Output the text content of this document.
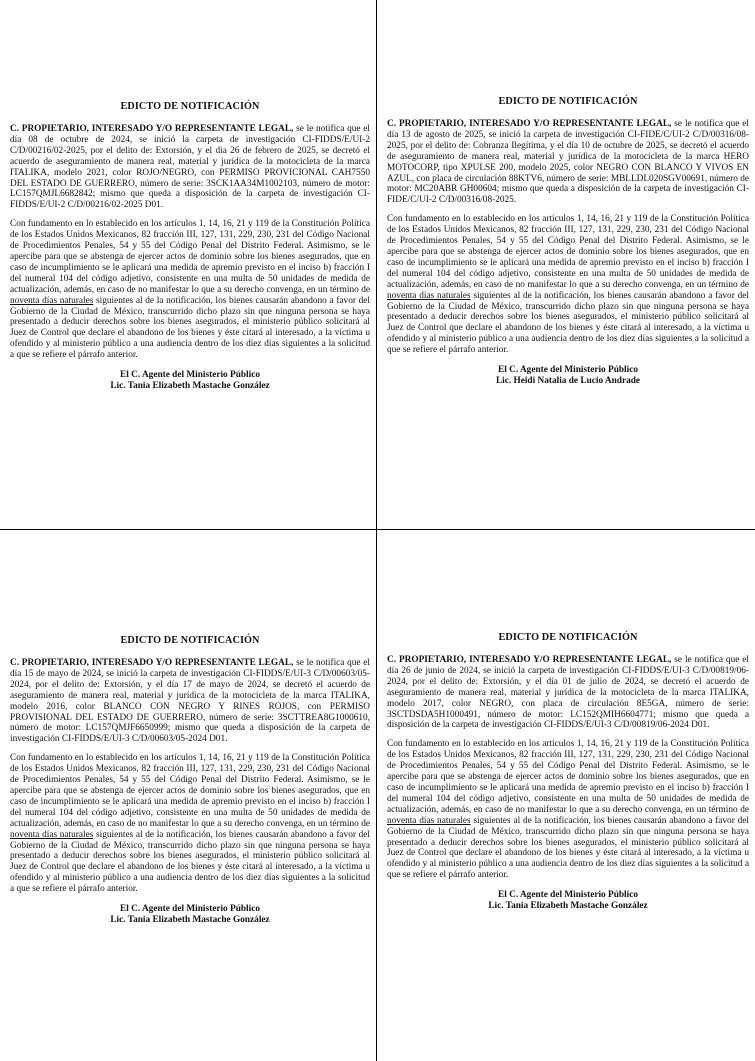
EDICTO DE NOTIFICACIÓN

C. PROPIETARIO, INTERESADO Y/O REPRESENTANTE LEGAL, se le notifica que el día 08 de octubre de 2024, se inició la carpeta de investigación CI-FIDDS/E/UI-2 C/D/00216/02-2025, por el delito de: Extorsión, y el día 26 de febrero de 2025, se decretó el acuerdo de aseguramiento de manera real, material y jurídica de la motocicleta de la marca ITALIKA, modelo 2021, color ROJO/NEGRO, con PERMISO PROVICIONAL CAH7550 DEL ESTADO DE GUERRERO, número de serie: 3SCK1AA34M1002103, número de motor: LC157QMJL6682842; mismo que queda a disposición de la carpeta de investigación CI-FIDDS/E/UI-2 C/D/00216/02-2025 D01.

Con fundamento en lo establecido en los artículos 1, 14, 16, 21 y 119 de la Constitución Política de los Estados Unidos Mexicanos, 82 fracción III, 127, 131, 229, 230, 231 del Código Nacional de Procedimientos Penales, 54 y 55 del Código Penal del Distrito Federal. Asimismo, se le apercibe para que se abstenga de ejercer actos de dominio sobre los bienes asegurados, que en caso de incumplimiento se le aplicará una medida de apremio previsto en el inciso b) fracción I del numeral 104 del código adjetivo, consistente en una multa de 50 unidades de medida de actualización, además, en caso de no manifestar lo que a su derecho convenga, en un término de noventa días naturales siguientes al de la notificación, los bienes causarán abandono a favor del Gobierno de la Ciudad de México, transcurrido dicho plazo sin que ninguna persona se haya presentado a deducir derechos sobre los bienes asegurados, el ministerio público solicitará al Juez de Control que declare el abandono de los bienes y éste citará al interesado, a la víctima u ofendido y al ministerio público a una audiencia dentro de los diez días siguientes a la solicitud a que se refiere el párrafo anterior.

El C. Agente del Ministerio Público
Lic. Tania Elizabeth Mastache González
EDICTO DE NOTIFICACIÓN

C. PROPIETARIO, INTERESADO Y/O REPRESENTANTE LEGAL, se le notifica que el día 13 de agosto de 2025, se inició la carpeta de investigación CI-FIDE/C/UI-2 C/D/00316/08-2025, por el delito de: Cobranza Ilegítima, y el día 10 de octubre de 2025, se decretó el acuerdo de aseguramiento de manera real, material y jurídica de la motocicleta de la marca HERO MOTOCORP, tipo XPULSE 200, modelo 2025, color NEGRO CON BLANCO Y VIVOS EN AZUL, con placa de circulación 88KTV6, número de serie: MBLLDL020SGV00691, número de motor: MC20ABR GH00604; mismo que queda a disposición de la carpeta de investigación CI-FIDE/C/UI-2 C/D/00316/08-2025.

Con fundamento en lo establecido en los artículos 1, 14, 16, 21 y 119 de la Constitución Política de los Estados Unidos Mexicanos, 82 fracción III, 127, 131, 229, 230, 231 del Código Nacional de Procedimientos Penales, 54 y 55 del Código Penal del Distrito Federal. Asimismo, se le apercibe para que se abstenga de ejercer actos de dominio sobre los bienes asegurados, que en caso de incumplimiento se le aplicará una medida de apremio previsto en el inciso b) fracción I del numeral 104 del código adjetivo, consistente en una multa de 50 unidades de medida de actualización, además, en caso de no manifestar lo que a su derecho convenga, en un término de noventa días naturales siguientes al de la notificación, los bienes causarán abandono a favor del Gobierno de la Ciudad de México, transcurrido dicho plazo sin que ninguna persona se haya presentado a deducir derechos sobre los bienes asegurados, el ministerio público solicitará al Juez de Control que declare el abandono de los bienes y éste citará al interesado, a la víctima u ofendido y al ministerio público a una audiencia dentro de los diez días siguientes a la solicitud a que se refiere el párrafo anterior.

El C. Agente del Ministerio Público
Lic. Heidi Natalia de Lucio Andrade
EDICTO DE NOTIFICACIÓN

C. PROPIETARIO, INTERESADO Y/O REPRESENTANTE LEGAL, se le notifica que el día 15 de mayo de 2024, se inició la carpeta de investigación CI-FIDDS/E/UI-3 C/D/00603/05-2024, por el delito de: Extorsión, y el día 17 de mayo de 2024, se decretó el acuerdo de aseguramiento de manera real, material y jurídica de la motocicleta de la marca ITALIKA, modelo 2016, color BLANCO CON NEGRO Y RINES ROJOS, con PERMISO PROVISIONAL DEL ESTADO DE GUERRERO, número de serie: 3SCTTREA8G1000610, número de motor: LC157QMJF6650999; mismo que queda a disposición de la carpeta de investigación CI-FIDDS/E/UI-3 C/D/00603/05-2024 D01.

Con fundamento en lo establecido en los artículos 1, 14, 16, 21 y 119 de la Constitución Política de los Estados Unidos Mexicanos, 82 fracción III, 127, 131, 229, 230, 231 del Código Nacional de Procedimientos Penales, 54 y 55 del Código Penal del Distrito Federal. Asimismo, se le apercibe para que se abstenga de ejercer actos de dominio sobre los bienes asegurados, que en caso de incumplimiento se le aplicará una medida de apremio previsto en el inciso b) fracción I del numeral 104 del código adjetivo, consistente en una multa de 50 unidades de medida de actualización, además, en caso de no manifestar lo que a su derecho convenga, en un término de noventa días naturales siguientes al de la notificación, los bienes causarán abandono a favor del Gobierno de la Ciudad de México, transcurrido dicho plazo sin que ninguna persona se haya presentado a deducir derechos sobre los bienes asegurados, el ministerio público solicitará al Juez de Control que declare el abandono de los bienes y éste citará al interesado, a la víctima u ofendido y al ministerio público a una audiencia dentro de los diez días siguientes a la solicitud a que se refiere el párrafo anterior.

El C. Agente del Ministerio Público
Lic. Tania Elizabeth Mastache González
EDICTO DE NOTIFICACIÓN

C. PROPIETARIO, INTERESADO Y/O REPRESENTANTE LEGAL, se le notifica que el día 26 de junio de 2024, se inició la carpeta de investigación CI-FIDDS/E/UI-3 C/D/00819/06-2024, por el delito de: Extorsión, y el día 01 de julio de 2024, se decretó el acuerdo de aseguramiento de manera real, material y jurídica de la motocicleta de la marca ITALIKA, modelo 2017, color NEGRO, con placa de circulación 8E5GA, número de serie: 3SCTDSDA5H1000491, número de motor: LC152QMIH6604771; mismo que queda a disposición de la carpeta de investigación CI-FIDDS/E/UI-3 C/D/00819/06-2024 D01.

Con fundamento en lo establecido en los artículos 1, 14, 16, 21 y 119 de la Constitución Política de los Estados Unidos Mexicanos, 82 fracción III, 127, 131, 229, 230, 231 del Código Nacional de Procedimientos Penales, 54 y 55 del Código Penal del Distrito Federal. Asimismo, se le apercibe para que se abstenga de ejercer actos de dominio sobre los bienes asegurados, que en caso de incumplimiento se le aplicará una medida de apremio previsto en el inciso b) fracción I del numeral 104 del código adjetivo, consistente en una multa de 50 unidades de medida de actualización, además, en caso de no manifestar lo que a su derecho convenga, en un término de noventa días naturales siguientes al de la notificación, los bienes causarán abandono a favor del Gobierno de la Ciudad de México, transcurrido dicho plazo sin que ninguna persona se haya presentado a deducir derechos sobre los bienes asegurados, el ministerio público solicitará al Juez de Control que declare el abandono de los bienes y éste citará al interesado, a la víctima u ofendido y al ministerio público a una audiencia dentro de los diez días siguientes a la solicitud a que se refiere el párrafo anterior.

El C. Agente del Ministerio Público
Lic. Tania Elizabeth Mastache González
